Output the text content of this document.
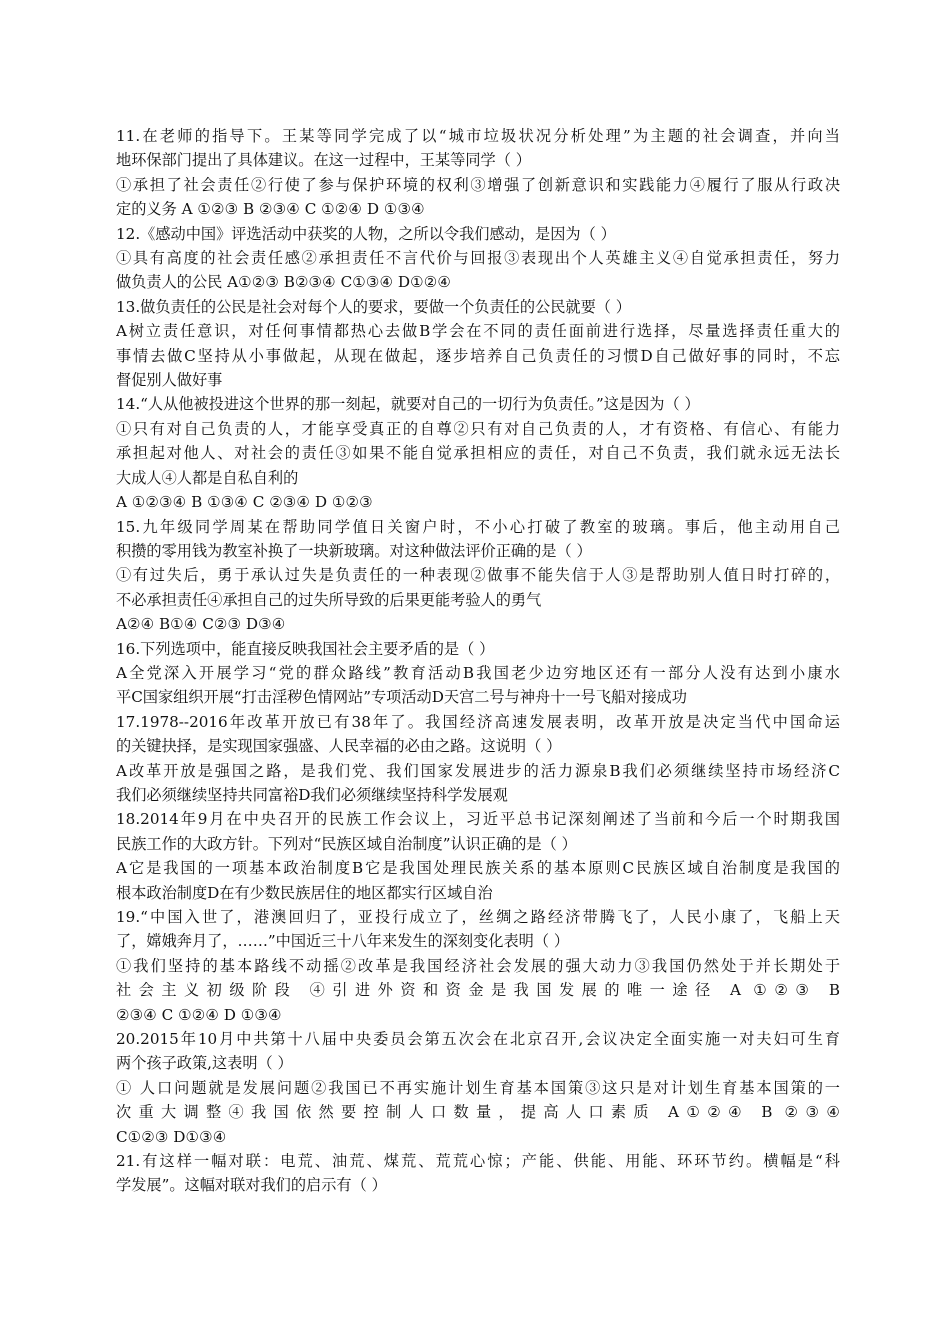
11.在老师的指导下。王某等同学完成了以“城市垃圾状况分析处理”为主题的社会调查，并向当
地环保部门提出了具体建议。在这一过程中，王某等同学（ ）
①承担了社会责任②行使了参与保护环境的权利③增强了创新意识和实践能力④履行了服从行政决
定的义务 A ①②③ B ②③④ C ①②④ D ①③④
12.《感动中国》评选活动中获奖的人物，之所以令我们感动，是因为（ ）
①具有高度的社会责任感②承担责任不言代价与回报③表现出个人英雄主义④自觉承担责任，努力
做负责人的公民 A①②③ B②③④ C①③④ D①②④
13.做负责任的公民是社会对每个人的要求，要做一个负责任的公民就要（ ）
A树立责任意识，对任何事情都热心去做B学会在不同的责任面前进行选择，尽量选择责任重大的
事情去做C坚持从小事做起，从现在做起，逐步培养自己负责任的习惯D自己做好事的同时，不忘
督促别人做好事
14.“人从他被投进这个世界的那一刻起，就要对自己的一切行为负责任。”这是因为（ ）
①只有对自己负责的人，才能享受真正的自尊②只有对自己负责的人，才有资格、有信心、有能力
承担起对他人、对社会的责任③如果不能自觉承担相应的责任，对自己不负责，我们就永远无法长
大成人④人都是自私自利的
A ①②③④ B ①③④ C ②③④ D ①②③
15.九年级同学周某在帮助同学值日关窗户时，不小心打破了教室的玻璃。事后，他主动用自己
积攒的零用钱为教室补换了一块新玻璃。对这种做法评价正确的是（ ）
①有过失后，勇于承认过失是负责任的一种表现②做事不能失信于人③是帮助别人值日时打碎的，
不必承担责任④承担自己的过失所导致的后果更能考验人的勇气
A②④ B①④ C②③ D③④
16.下列选项中，能直接反映我国社会主要矛盾的是（ ）
A全党深入开展学习“党的群众路线”教育活动B我国老少边穷地区还有一部分人没有达到小康水
平C国家组织开展“打击淫秽色情网站”专项活动D天宫二号与神舟十一号飞船对接成功
17.1978--2016年改革开放已有38年了。我国经济高速发展表明，改革开放是决定当代中国命运
的关键抉择，是实现国家强盛、人民幸福的必由之路。这说明（ ）
A改革开放是强国之路，是我们党、我们国家发展进步的活力源泉B我们必须继续坚持市场经济C
我们必须继续坚持共同富裕D我们必须继续坚持科学发展观
18.2014年9月在中央召开的民族工作会议上，习近平总书记深刻阐述了当前和今后一个时期我国
民族工作的大政方针。下列对“民族区域自治制度”认识正确的是（ ）
A它是我国的一项基本政治制度B它是我国处理民族关系的基本原则C民族区域自治制度是我国的
根本政治制度D在有少数民族居住的地区都实行区域自治
19.“中国入世了，港澳回归了，亚投行成立了，丝绸之路经济带腾飞了，人民小康了，飞船上天
了，嫦娥奔月了，……”中国近三十八年来发生的深刻变化表明（ ）
①我们坚持的基本路线不动摇②改革是我国经济社会发展的强大动力③我国仍然处于并长期处于
社会主义初级阶段 ④引进外资和资金是我国发展的唯一途径 A ①②③ B
②③④ C ①②④ D ①③④
20.2015年10月中共第十八届中央委员会第五次会在北京召开,会议决定全面实施一对夫妇可生育
两个孩子政策,这表明（ ）
① 人口问题就是发展问题②我国已不再实施计划生育基本国策③这只是对计划生育基本国策的一
次重大调整④我国依然要控制人口数量，提高人口素质 A①②④ B ②③④
C①②③ D①③④
21.有这样一幅对联：电荒、油荒、煤荒、荒荒心惊；产能、供能、用能、环环节约。横幅是“科
学发展”。这幅对联对我们的启示有（ ）
